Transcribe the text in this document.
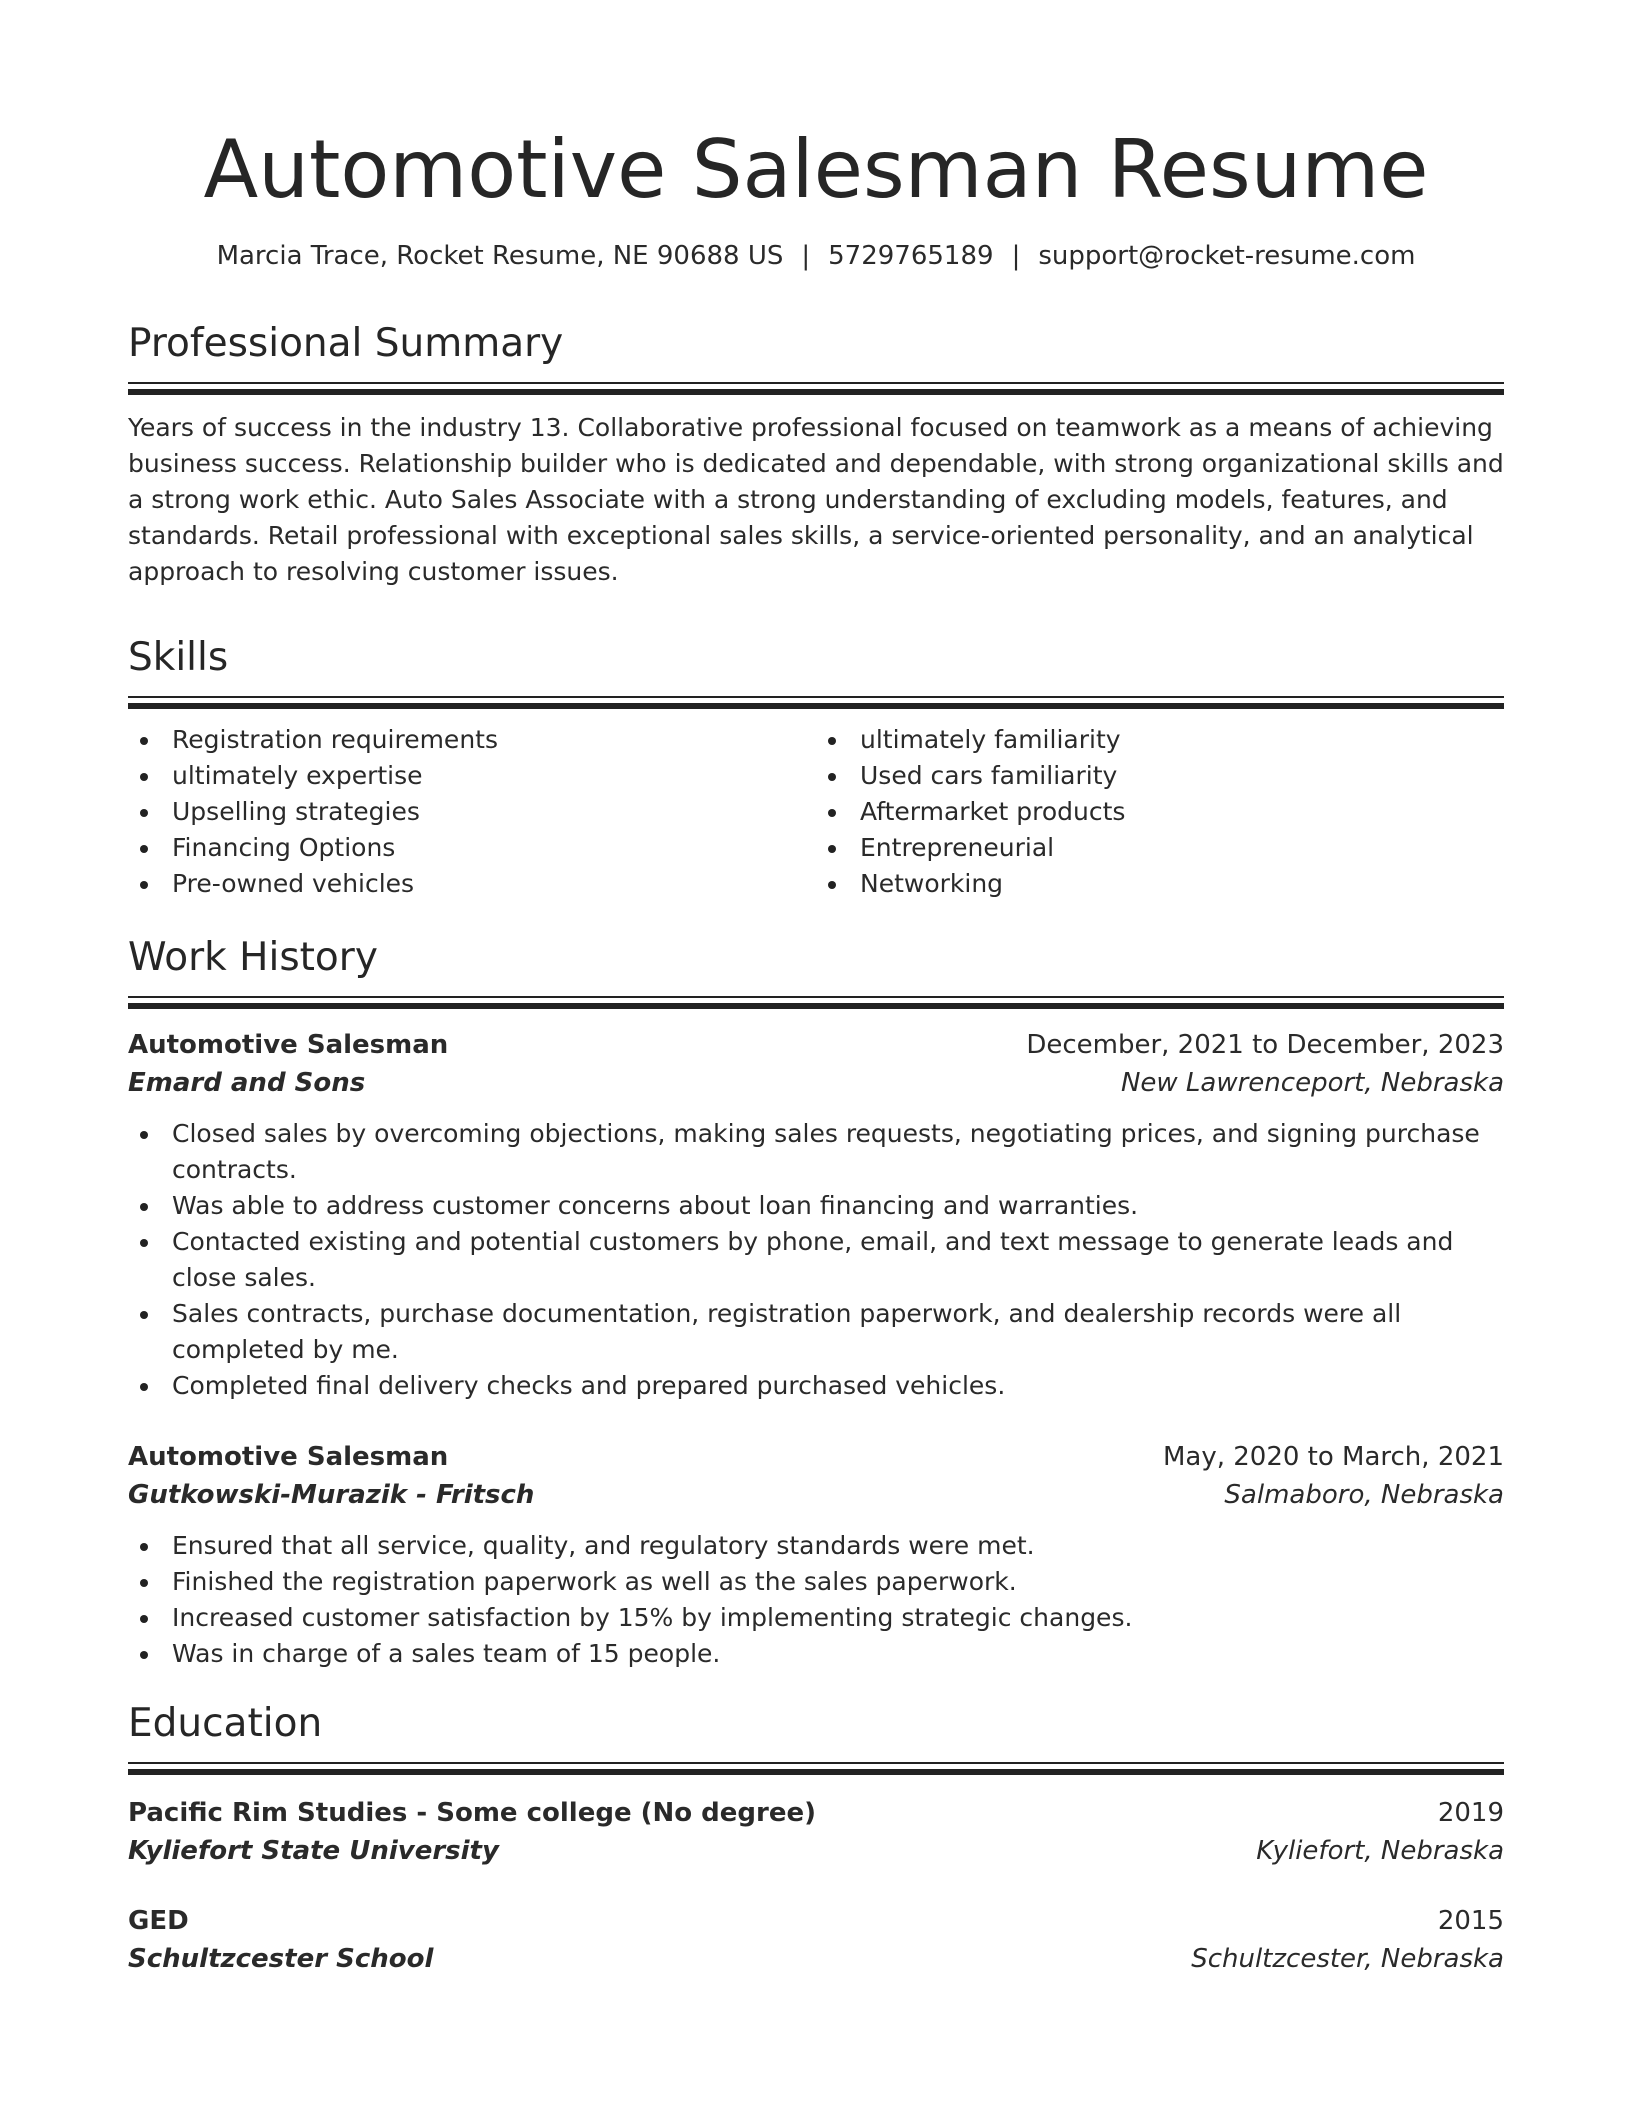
Automotive Salesman Resume
Marcia Trace, Rocket Resume, NE 90688 US | 5729765189 | support@rocket-resume.com
Professional Summary

Years of success in the industry 13. Collaborative professional focused on teamwork as a means of achieving business success. Relationship builder who is dedicated and dependable, with strong organizational skills and a strong work ethic. Auto Sales Associate with a strong understanding of excluding models, features, and standards. Retail professional with exceptional sales skills, a service-oriented personality, and an analytical approach to resolving customer issues.

Skills
Registration requirements
ultimately expertise
Upselling strategies
Financing Options
Pre-owned vehicles
ultimately familiarity
Used cars familiarity
Aftermarket products
Entrepreneurial
Networking
Work History
Automotive Salesman	December, 2021 to December, 2023
Emard and Sons	New Lawrenceport, Nebraska
Closed sales by overcoming objections, making sales requests, negotiating prices, and signing purchase contracts.
Was able to address customer concerns about loan financing and warranties.
Contacted existing and potential customers by phone, email, and text message to generate leads and close sales.
Sales contracts, purchase documentation, registration paperwork, and dealership records were all completed by me.
Completed final delivery checks and prepared purchased vehicles.
Automotive Salesman	May, 2020 to March, 2021
Gutkowski-Murazik - Fritsch	Salmaboro, Nebraska
Ensured that all service, quality, and regulatory standards were met.
Finished the registration paperwork as well as the sales paperwork.
Increased customer satisfaction by 15% by implementing strategic changes.
Was in charge of a sales team of 15 people.
Education
Pacific Rim Studies - Some college (No degree)	2019
Kyliefort State University	Kyliefort, Nebraska
GED	2015
Schultzcester School	Schultzcester, Nebraska
